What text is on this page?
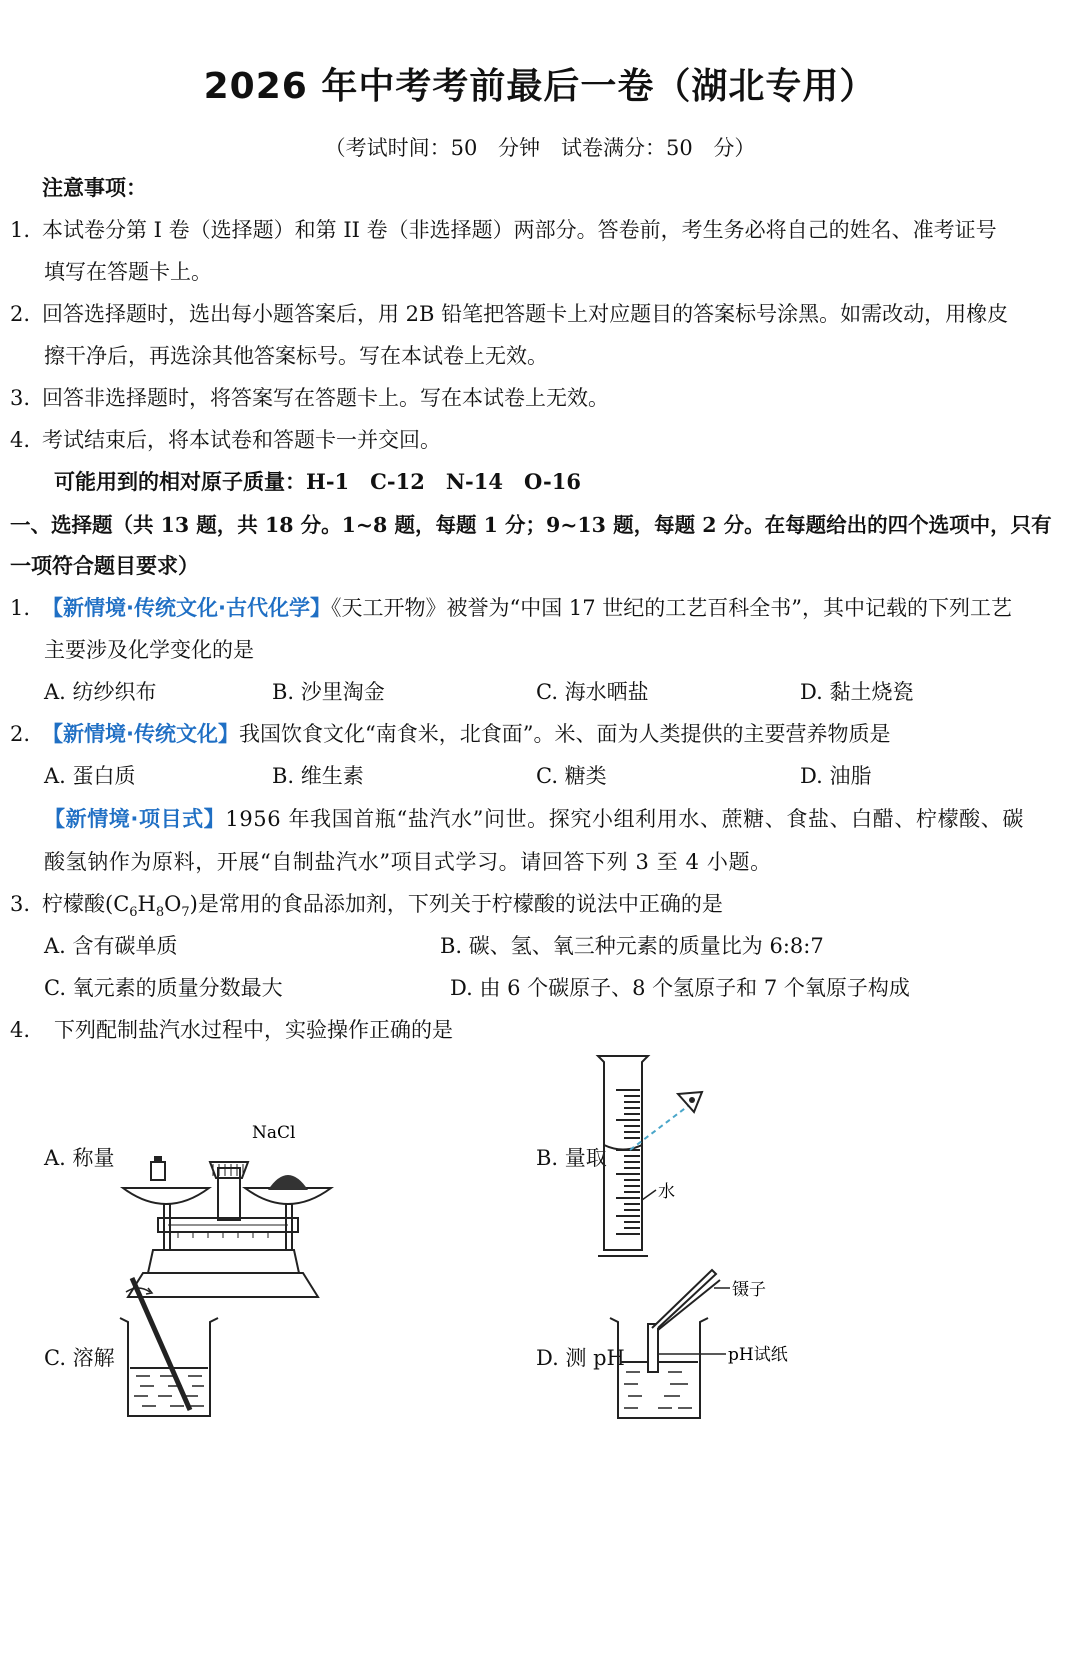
2026 年中考考前最后一卷（湖北专用）
（考试时间：50 分钟　试卷满分：50 分）
注意事项：
1. 本试卷分第 I 卷（选择题）和第 II 卷（非选择题）两部分。答卷前，考生务必将自己的姓名、准考证号
填写在答题卡上。
2. 回答选择题时，选出每小题答案后，用 2B 铅笔把答题卡上对应题目的答案标号涂黑。如需改动，用橡皮
擦干净后，再选涂其他答案标号。写在本试卷上无效。
3. 回答非选择题时，将答案写在答题卡上。写在本试卷上无效。
4. 考试结束后，将本试卷和答题卡一并交回。
可能用到的相对原子质量：H-1　C-12　N-14　O-16
一、选择题（共 13 题，共 18 分。1~8 题，每题 1 分；9~13 题，每题 2 分。在每题给出的四个选项中，只有
一项符合题目要求）
1. 【新情境·传统文化·古代化学】《天工开物》被誉为“中国 17 世纪的工艺百科全书”，其中记载的下列工艺
主要涉及化学变化的是
A. 纺纱织布	B. 沙里淘金	C. 海水晒盐	D. 黏土烧瓷
2. 【新情境·传统文化】我国饮食文化“南食米，北食面”。米、面为人类提供的主要营养物质是
A. 蛋白质	B. 维生素	C. 糖类	D. 油脂
【新情境·项目式】1956 年我国首瓶“盐汽水”问世。探究小组利用水、蔗糖、食盐、白醋、柠檬酸、碳
酸氢钠作为原料，开展“自制盐汽水”项目式学习。请回答下列 3 至 4 小题。
3. 柠檬酸$(C_6H_8O_7)$是常用的食品添加剂，下列关于柠檬酸的说法中正确的是
A. 含有碳单质	B. 碳、氢、氧三种元素的质量比为 6:8:7
C. 氧元素的质量分数最大	D. 由 6 个碳原子、8 个氢原子和 7 个氧原子构成
4. 下列配制盐汽水过程中，实验操作正确的是
A. 称量	B. 量取
C. 溶解	D. 测 pH
NaCl
水
镊子
pH试纸
